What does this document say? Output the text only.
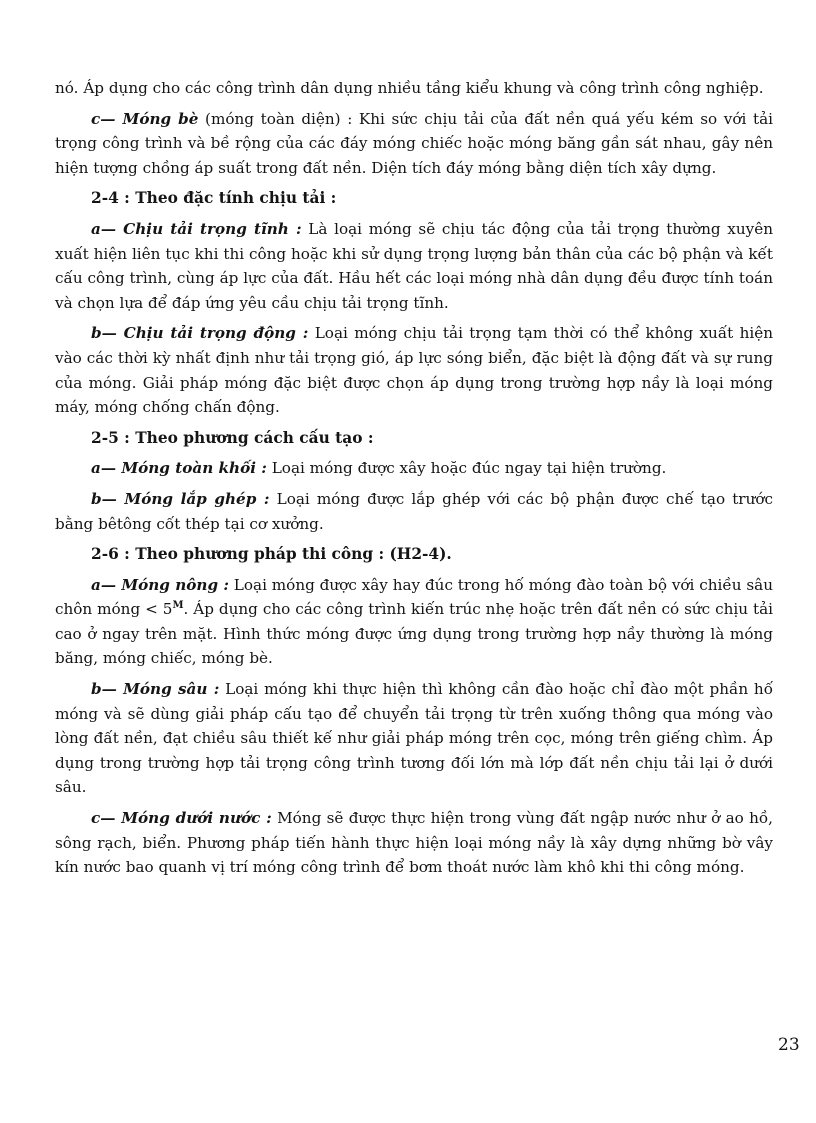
nó. Áp dụng cho các công trình dân dụng nhiều tầng kiểu khung và công trình công nghiệp.

c— Móng bè (móng toàn diện) : Khi sức chịu tải của đất nền quá yếu kém so với tải trọng công trình và bề rộng của các đáy móng chiếc hoặc móng băng gần sát nhau, gây nên hiện tượng chồng áp suất trong đất nền. Diện tích đáy móng bằng diện tích xây dựng.

2-4 : Theo đặc tính chịu tải :

a— Chịu tải trọng tĩnh : Là loại móng sẽ chịu tác động của tải trọng thường xuyên xuất hiện liên tục khi thi công hoặc khi sử dụng trọng lượng bản thân của các bộ phận và kết cấu công trình, cùng áp lực của đất. Hầu hết các loại móng nhà dân dụng đều được tính toán và chọn lựa để đáp ứng yêu cầu chịu tải trọng tĩnh.

b— Chịu tải trọng động : Loại móng chịu tải trọng tạm thời có thể không xuất hiện vào các thời kỳ nhất định như tải trọng gió, áp lực sóng biển, đặc biệt là động đất và sự rung của móng. Giải pháp móng đặc biệt được chọn áp dụng trong trường hợp nầy là loại móng máy, móng chống chấn động.

2-5 : Theo phương cách cấu tạo :

a— Móng toàn khối : Loại móng được xây hoặc đúc ngay tại hiện trường.

b— Móng lắp ghép : Loại móng được lắp ghép với các bộ phận được chế tạo trước bằng bêtông cốt thép tại cơ xưởng.

2-6 : Theo phương pháp thi công : (H2-4).

a— Móng nông : Loại móng được xây hay đúc trong hố móng đào toàn bộ với chiều sâu chôn móng < $5^M$. Áp dụng cho các công trình kiến trúc nhẹ hoặc trên đất nền có sức chịu tải cao ở ngay trên mặt. Hình thức móng được ứng dụng trong trường hợp nầy thường là móng băng, móng chiếc, móng bè.

b— Móng sâu : Loại móng khi thực hiện thì không cần đào hoặc chỉ đào một phần hố móng và sẽ dùng giải pháp cấu tạo để chuyển tải trọng từ trên xuống thông qua móng vào lòng đất nền, đạt chiều sâu thiết kế như giải pháp móng trên cọc, móng trên giếng chìm. Áp dụng trong trường hợp tải trọng công trình tương đối lớn mà lớp đất nền chịu tải lại ở dưới sâu.

c— Móng dưới nước : Móng sẽ được thực hiện trong vùng đất ngập nước như ở ao hồ, sông rạch, biển. Phương pháp tiến hành thực hiện loại móng nầy là xây dựng những bờ vây kín nước bao quanh vị trí móng công trình để bơm thoát nước làm khô khi thi công móng.

23
